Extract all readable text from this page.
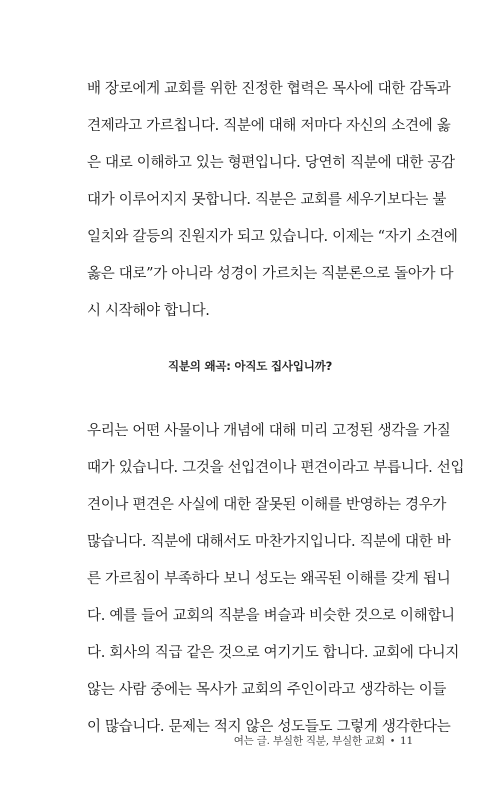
배 장로에게 교회를 위한 진정한 협력은 목사에 대한 감독과
견제라고 가르칩니다. 직분에 대해 저마다 자신의 소견에 옳
은 대로 이해하고 있는 형편입니다. 당연히 직분에 대한 공감
대가 이루어지지 못합니다. 직분은 교회를 세우기보다는 불
일치와 갈등의 진원지가 되고 있습니다. 이제는 “자기 소견에
옳은 대로”가 아니라 성경이 가르치는 직분론으로 돌아가 다
시 시작해야 합니다.
직분의 왜곡: 아직도 집사입니까?
우리는 어떤 사물이나 개념에 대해 미리 고정된 생각을 가질
때가 있습니다. 그것을 선입견이나 편견이라고 부릅니다. 선입
견이나 편견은 사실에 대한 잘못된 이해를 반영하는 경우가
많습니다. 직분에 대해서도 마찬가지입니다. 직분에 대한 바
른 가르침이 부족하다 보니 성도는 왜곡된 이해를 갖게 됩니
다. 예를 들어 교회의 직분을 벼슬과 비슷한 것으로 이해합니
다. 회사의 직급 같은 것으로 여기기도 합니다. 교회에 다니지
않는 사람 중에는 목사가 교회의 주인이라고 생각하는 이들
이 많습니다. 문제는 적지 않은 성도들도 그렇게 생각한다는
여는 글. 부실한 직분, 부실한 교회 • 11
